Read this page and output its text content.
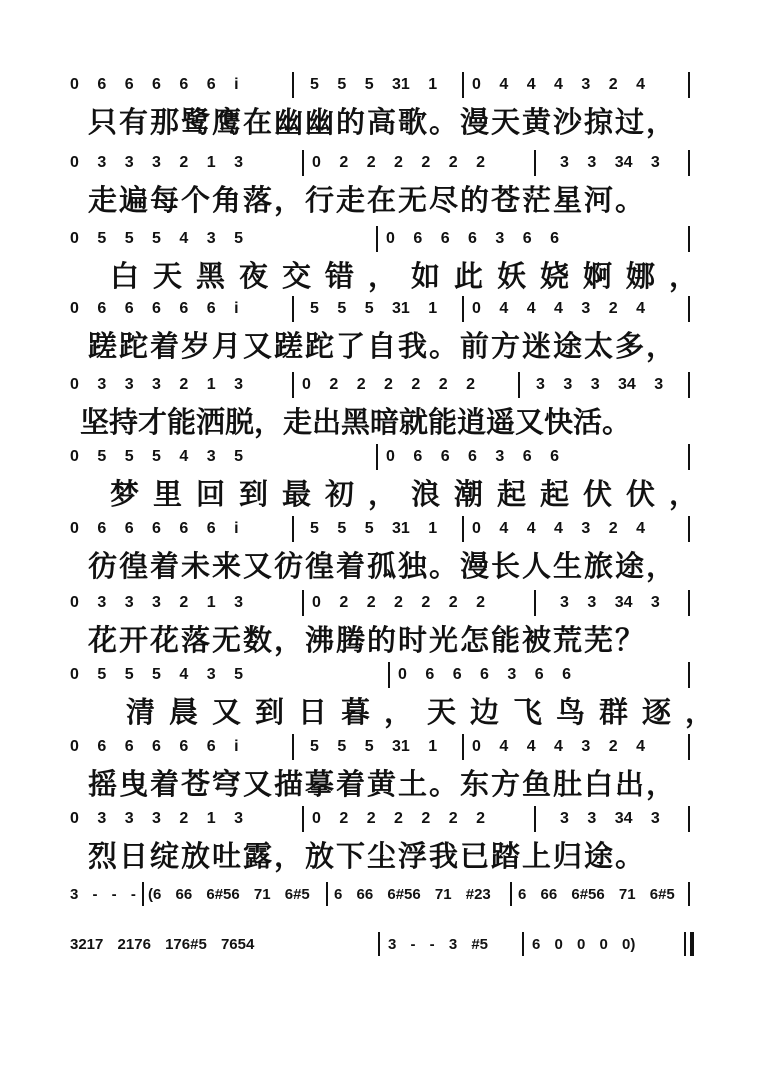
0 6 6 6 6 6 i	5 5 5 31 1 0 4 4 4 3 2 4
只有那鹭鹰在幽幽的高歌。漫天黄沙掠过，
0 3 3 3 2 1 3	0 2 2 2 2 2 2	3 3 34 3
走遍每个角落，行走在无尽的苍茫星河。
0 5 5 5 4 3 5	0 6 6 6 3 6 6
白天黑夜交错，如此妖娆婀娜，
0 6 6 6 6 6 i	5 5 5 31 1 0 4 4 4 3 2 4
蹉跎着岁月又蹉跎了自我。前方迷途太多，
0 3 3 3 2 1 3	0 2 2 2 2 2 2	3 3 3 34 3
坚持才能洒脱，走出黑暗就能逍遥又快活。
0 5 5 5 4 3 5	0 6 6 6 3 6 6
梦里回到最初，浪潮起起伏伏，
0 6 6 6 6 6 i	5 5 5 31 1 0 4 4 4 3 2 4
彷徨着未来又彷徨着孤独。漫长人生旅途，
0 3 3 3 2 1 3	0 2 2 2 2 2 2	3 3 34 3
花开花落无数，沸腾的时光怎能被荒芜？
0 5 5 5 4 3 5	0 6 6 6 3 6 6
清晨又到日暮，天边飞鸟群逐，
0 6 6 6 6 6 i	5 5 5 31 1 0 4 4 4 3 2 4
摇曳着苍穹又描摹着黄土。东方鱼肚白出，
0 3 3 3 2 1 3	0 2 2 2 2 2 2	3 3 34 3
烈日绽放吐露，放下尘浮我已踏上归途。
3 - - - (6 66 6#56 71 6#5 6 66 6#56 71 #23 6 66 6#56 71 6#5
3217 2176 176#5 7654	3 - - 3 #5	6 0 0 0 0)
